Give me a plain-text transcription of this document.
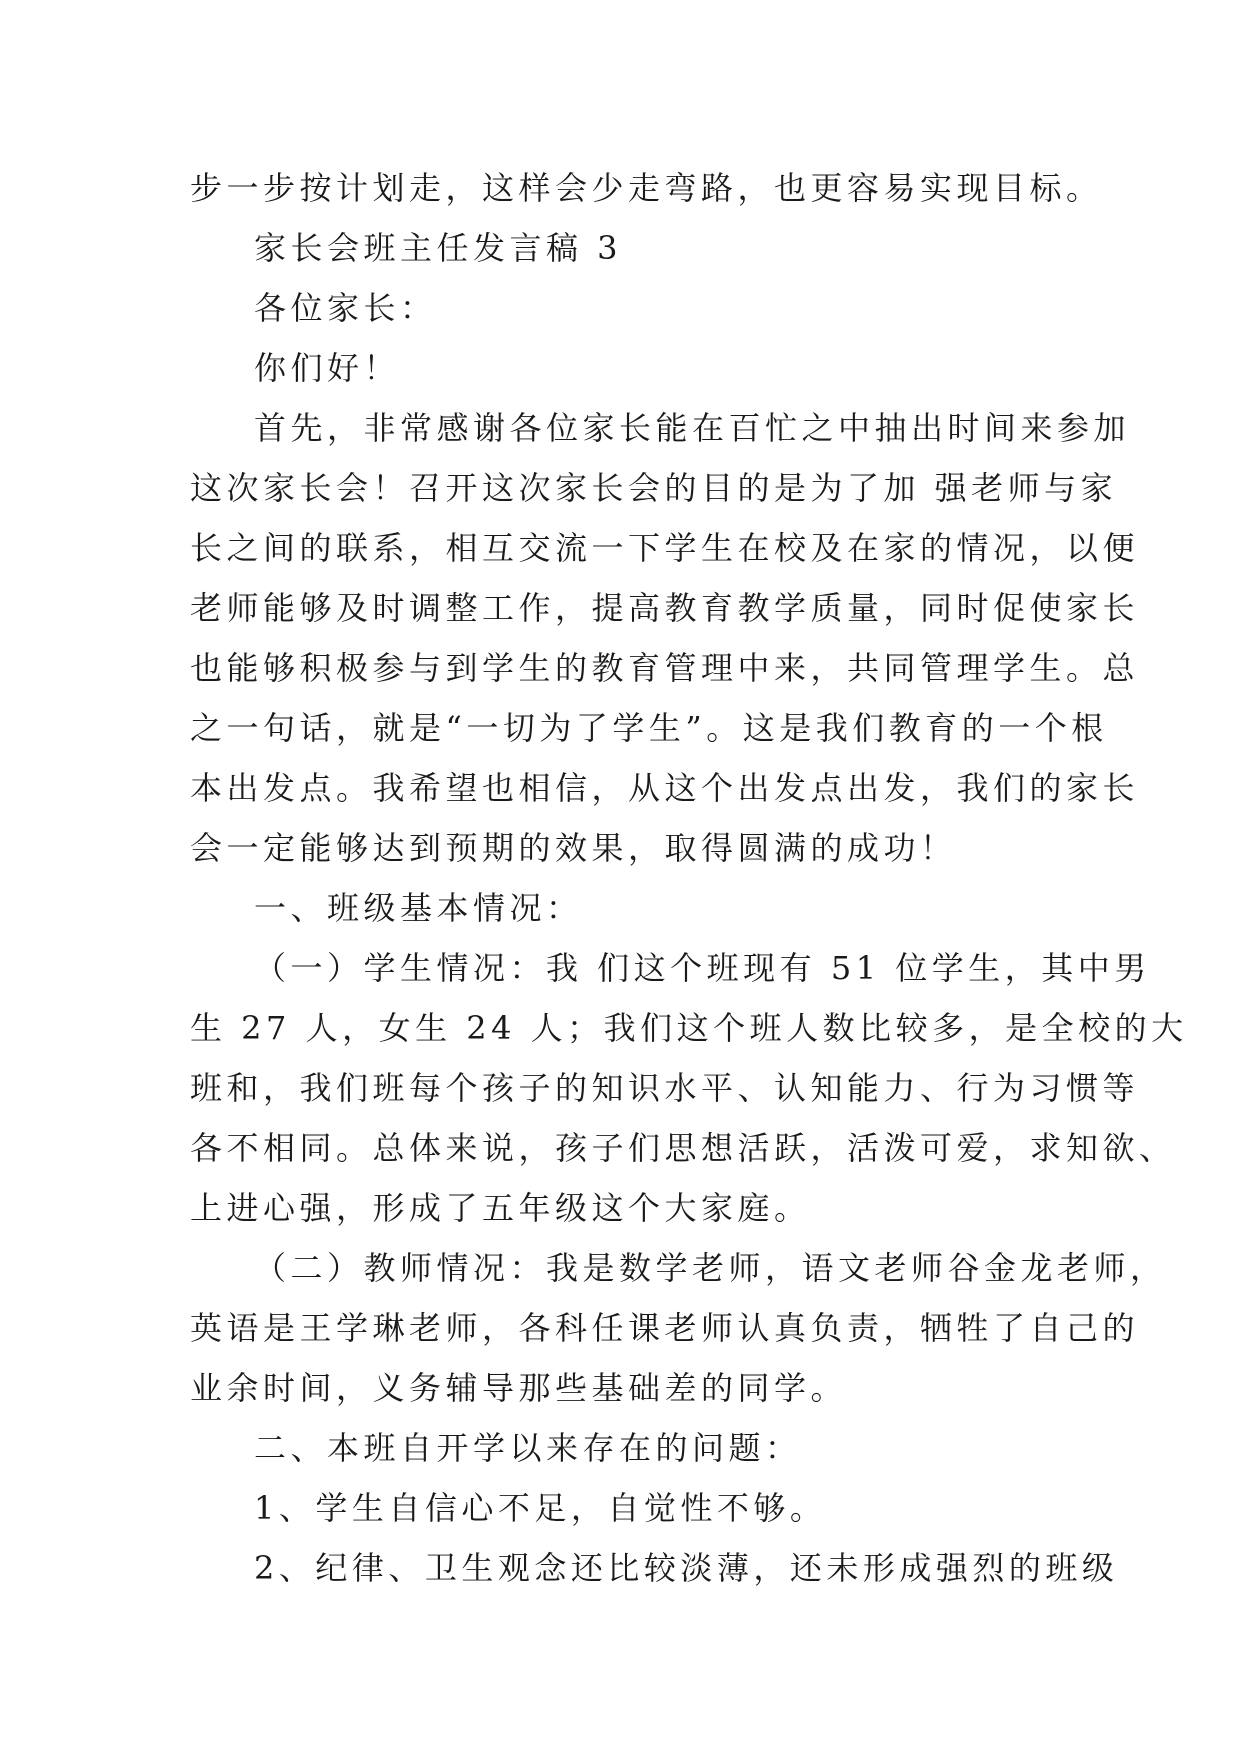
步一步按计划走，这样会少走弯路，也更容易实现目标。
家长会班主任发言稿 3
各位家长：
你们好！
首先，非常感谢各位家长能在百忙之中抽出时间来参加
这次家长会！召开这次家长会的目的是为了加 强老师与家
长之间的联系，相互交流一下学生在校及在家的情况，以便
老师能够及时调整工作，提高教育教学质量，同时促使家长
也能够积极参与到学生的教育管理中来，共同管理学生。总
之一句话，就是“一切为了学生”。这是我们教育的一个根
本出发点。我希望也相信，从这个出发点出发，我们的家长
会一定能够达到预期的效果，取得圆满的成功！
一、班级基本情况：
（一）学生情况：我 们这个班现有 51 位学生，其中男
生 27 人，女生 24 人；我们这个班人数比较多，是全校的大
班和，我们班每个孩子的知识水平、认知能力、行为习惯等
各不相同。总体来说，孩子们思想活跃，活泼可爱，求知欲、
上进心强，形成了五年级这个大家庭。
（二）教师情况：我是数学老师，语文老师谷金龙老师，
英语是王学琳老师，各科任课老师认真负责，牺牲了自己的
业余时间，义务辅导那些基础差的同学。
二、本班自开学以来存在的问题：
1、学生自信心不足，自觉性不够。
2、纪律、卫生观念还比较淡薄，还未形成强烈的班级
